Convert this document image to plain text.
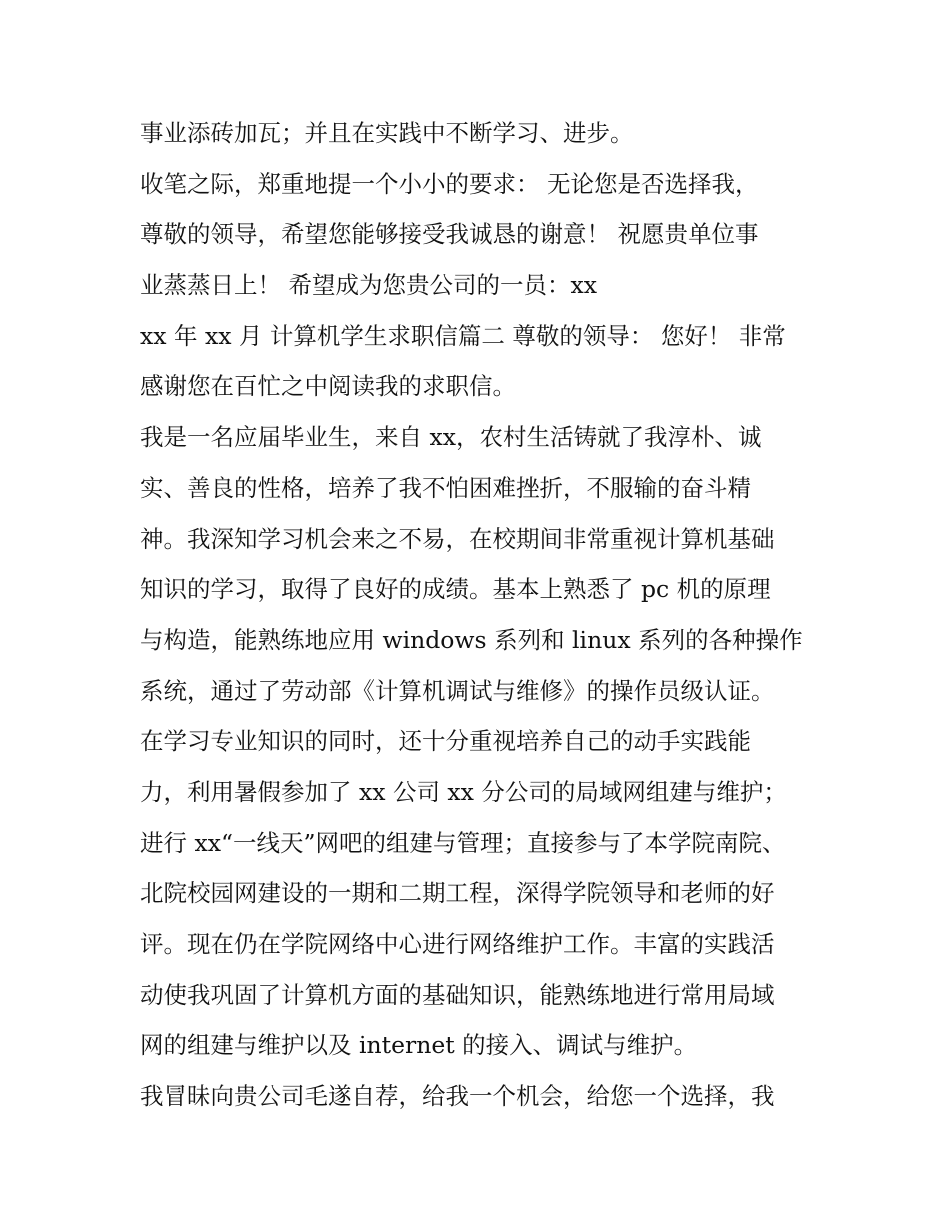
事业添砖加瓦；并且在实践中不断学习、进步。
收笔之际，郑重地提一个小小的要求： 无论您是否选择我，
尊敬的领导，希望您能够接受我诚恳的谢意！ 祝愿贵单位事
业蒸蒸日上！ 希望成为您贵公司的一员：xx
xx 年 xx 月 计算机学生求职信篇二 尊敬的领导： 您好！ 非常
感谢您在百忙之中阅读我的求职信。
我是一名应届毕业生，来自 xx，农村生活铸就了我淳朴、诚
实、善良的性格，培养了我不怕困难挫折，不服输的奋斗精
神。我深知学习机会来之不易，在校期间非常重视计算机基础
知识的学习，取得了良好的成绩。基本上熟悉了 pc 机的原理
与构造，能熟练地应用 windows 系列和 linux 系列的各种操作
系统，通过了劳动部《计算机调试与维修》的操作员级认证。
在学习专业知识的同时，还十分重视培养自己的动手实践能
力，利用暑假参加了 xx 公司 xx 分公司的局域网组建与维护；
进行 xx“一线天”网吧的组建与管理；直接参与了本学院南院、
北院校园网建设的一期和二期工程，深得学院领导和老师的好
评。现在仍在学院网络中心进行网络维护工作。丰富的实践活
动使我巩固了计算机方面的基础知识，能熟练地进行常用局域
网的组建与维护以及 internet 的接入、调试与维护。
我冒昧向贵公司毛遂自荐，给我一个机会，给您一个选择，我
